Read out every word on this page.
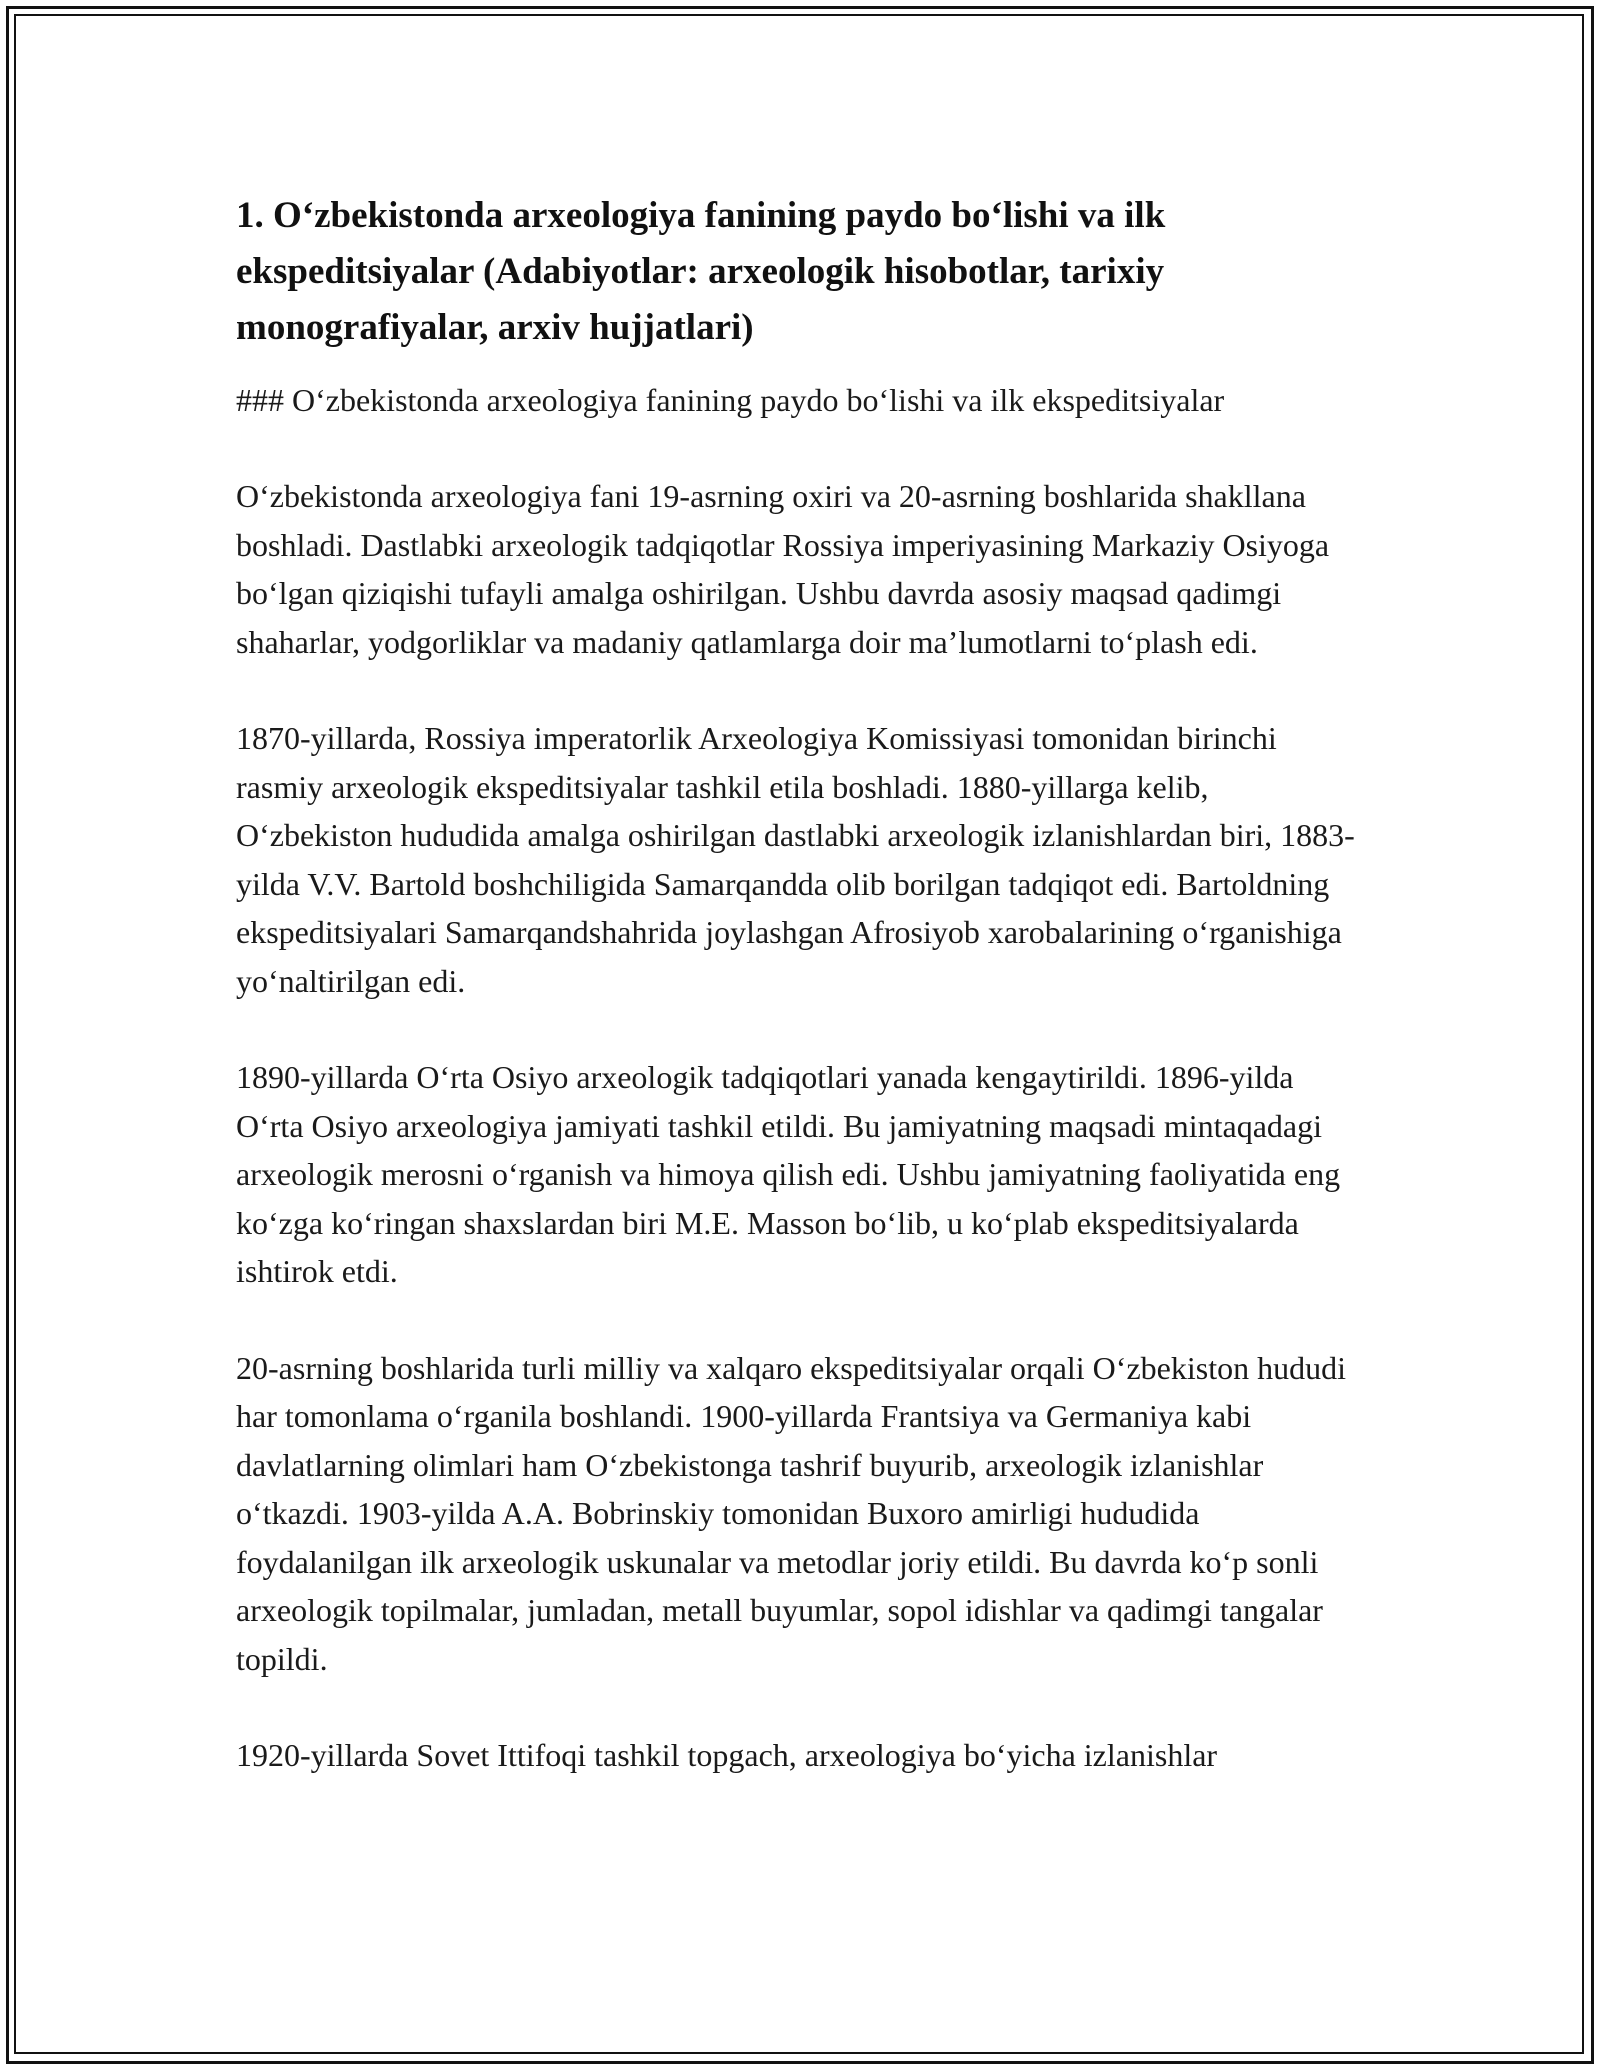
1. O‘zbekistonda arxeologiya fanining paydo bo‘lishi va ilk ekspeditsiyalar (Adabiyotlar: arxeologik hisobotlar, tarixiy monografiyalar, arxiv hujjatlari)

### O‘zbekistonda arxeologiya fanining paydo bo‘lishi va ilk ekspeditsiyalar

O‘zbekistonda arxeologiya fani 19-asrning oxiri va 20-asrning boshlarida shakllana boshladi. Dastlabki arxeologik tadqiqotlar Rossiya imperiyasining Markaziy Osiyoga bo‘lgan qiziqishi tufayli amalga oshirilgan. Ushbu davrda asosiy maqsad qadimgi shaharlar, yodgorliklar va madaniy qatlamlarga doir ma’lumotlarni to‘plash edi.

1870-yillarda, Rossiya imperatorlik Arxeologiya Komissiyasi tomonidan birinchi rasmiy arxeologik ekspeditsiyalar tashkil etila boshladi. 1880-yillarga kelib, O‘zbekiston hududida amalga oshirilgan dastlabki arxeologik izlanishlardan biri, 1883-yilda V.V. Bartold boshchiligida Samarqandda olib borilgan tadqiqot edi. Bartoldning ekspeditsiyalari Samarqandshahrida joylashgan Afrosiyob xarobalarining o‘rganishiga yo‘naltirilgan edi.

1890-yillarda O‘rta Osiyo arxeologik tadqiqotlari yanada kengaytirildi. 1896-yilda O‘rta Osiyo arxeologiya jamiyati tashkil etildi. Bu jamiyatning maqsadi mintaqadagi arxeologik merosni o‘rganish va himoya qilish edi. Ushbu jamiyatning faoliyatida eng ko‘zga ko‘ringan shaxslardan biri M.E. Masson bo‘lib, u ko‘plab ekspeditsiyalarda ishtirok etdi.

20-asrning boshlarida turli milliy va xalqaro ekspeditsiyalar orqali O‘zbekiston hududi har tomonlama o‘rganila boshlandi. 1900-yillarda Frantsiya va Germaniya kabi davlatlarning olimlari ham O‘zbekistonga tashrif buyurib, arxeologik izlanishlar o‘tkazdi. 1903-yilda A.A. Bobrinskiy tomonidan Buxoro amirligi hududida foydalanilgan ilk arxeologik uskunalar va metodlar joriy etildi. Bu davrda ko‘p sonli arxeologik topilmalar, jumladan, metall buyumlar, sopol idishlar va qadimgi tangalar topildi.

1920-yillarda Sovet Ittifoqi tashkil topgach, arxeologiya bo‘yicha izlanishlar
